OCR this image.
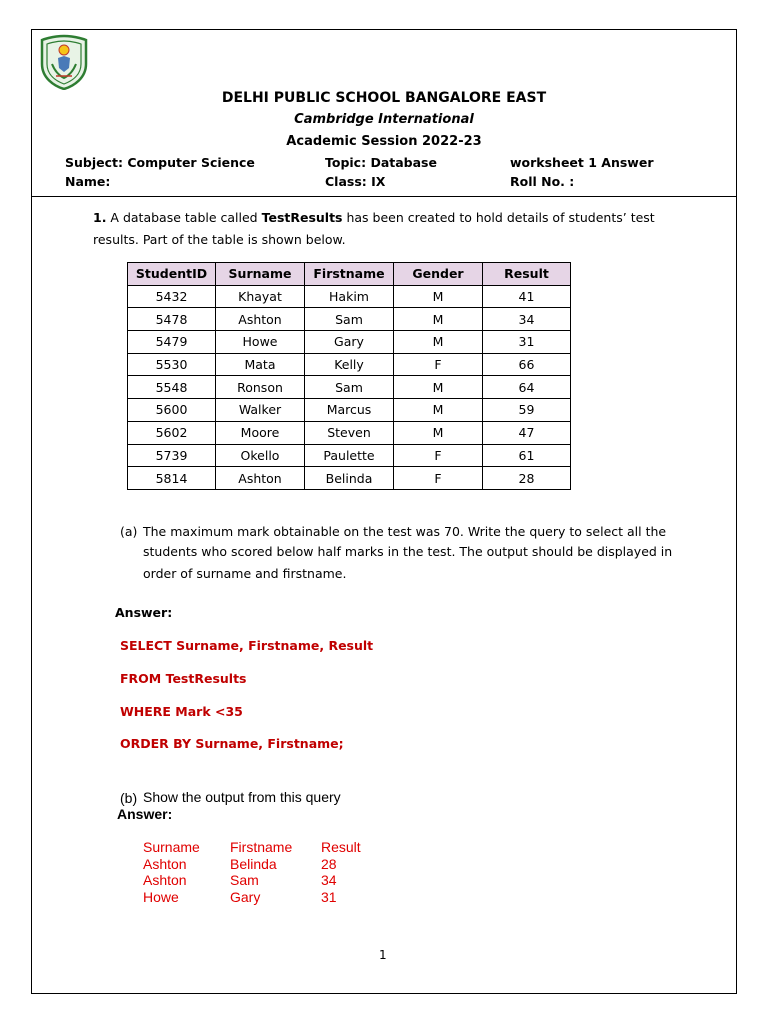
DELHI PUBLIC SCHOOL BANGALORE EAST
Cambridge International
Academic Session 2022-23
Subject: Computer Science	Topic: Database	worksheet 1 Answer
Name:	Class: IX	Roll No. :
1. A database table called TestResults has been created to hold details of students’ test
results. Part of the table is shown below.
StudentID	Surname	Firstname	Gender	Result
5432	Khayat	Hakim	M	41
5478	Ashton	Sam	M	34
5479	Howe	Gary	M	31
5530	Mata	Kelly	F	66
5548	Ronson	Sam	M	64
5600	Walker	Marcus	M	59
5602	Moore	Steven	M	47
5739	Okello	Paulette	F	61
5814	Ashton	Belinda	F	28
(a) The maximum mark obtainable on the test was 70. Write the query to select all the
students who scored below half marks in the test. The output should be displayed in
order of surname and firstname.
Answer:
SELECT Surname, Firstname, Result
FROM TestResults
WHERE Mark <35
ORDER BY Surname, Firstname;
(b) Show the output from this query
Answer:
Surname Firstname Result
Ashton	Belinda	28
Ashton	Sam	34
Howe	Gary	31
1
